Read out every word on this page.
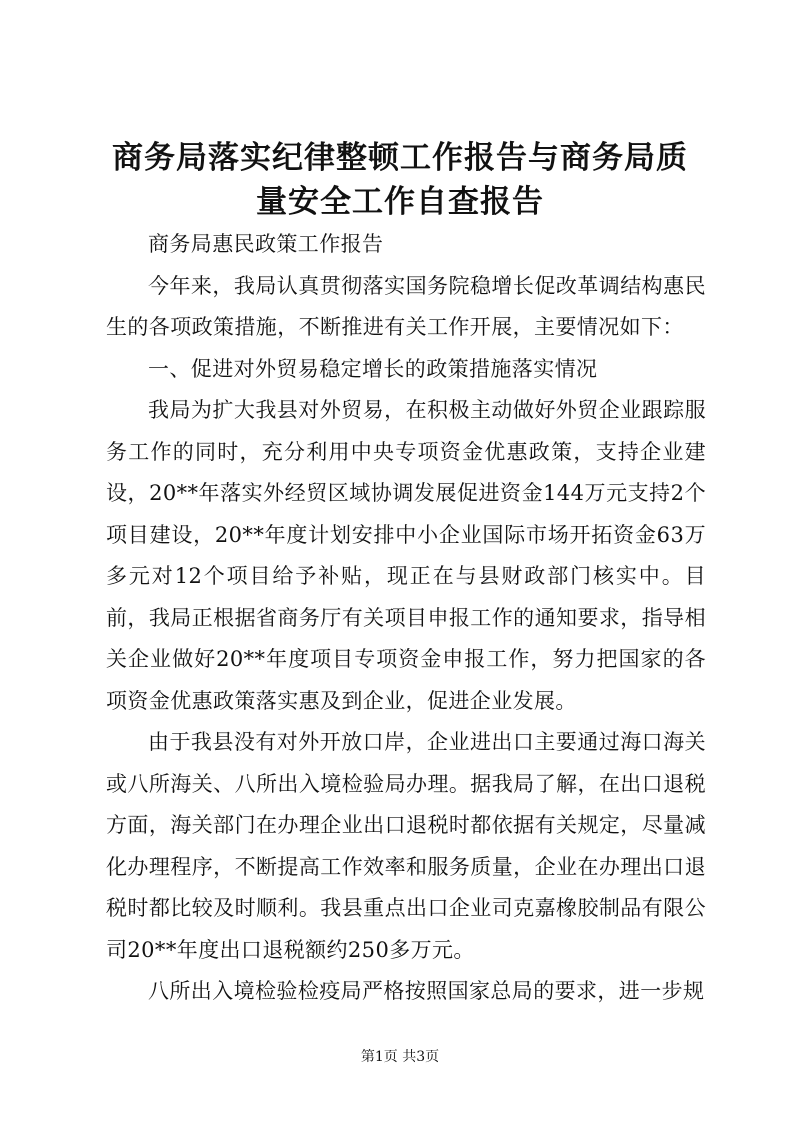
商务局落实纪律整顿工作报告与商务局质量安全工作自查报告

商务局惠民政策工作报告

今年来，我局认真贯彻落实国务院稳增长促改革调结构惠民生的各项政策措施，不断推进有关工作开展，主要情况如下：

一、促进对外贸易稳定增长的政策措施落实情况

我局为扩大我县对外贸易，在积极主动做好外贸企业跟踪服务工作的同时，充分利用中央专项资金优惠政策，支持企业建设，20**年落实外经贸区域协调发展促进资金144万元支持2个项目建设，20**年度计划安排中小企业国际市场开拓资金63万多元对12个项目给予补贴，现正在与县财政部门核实中。目前，我局正根据省商务厅有关项目申报工作的通知要求，指导相关企业做好20**年度项目专项资金申报工作，努力把国家的各项资金优惠政策落实惠及到企业，促进企业发展。

由于我县没有对外开放口岸，企业进出口主要通过海口海关或八所海关、八所出入境检验局办理。据我局了解，在出口退税方面，海关部门在办理企业出口退税时都依据有关规定，尽量减化办理程序，不断提高工作效率和服务质量，企业在办理出口退税时都比较及时顺利。我县重点出口企业司克嘉橡胶制品有限公司20**年度出口退税额约250多万元。

八所出入境检验检疫局严格按照国家总局的要求，进一步规

第1页 共3页
